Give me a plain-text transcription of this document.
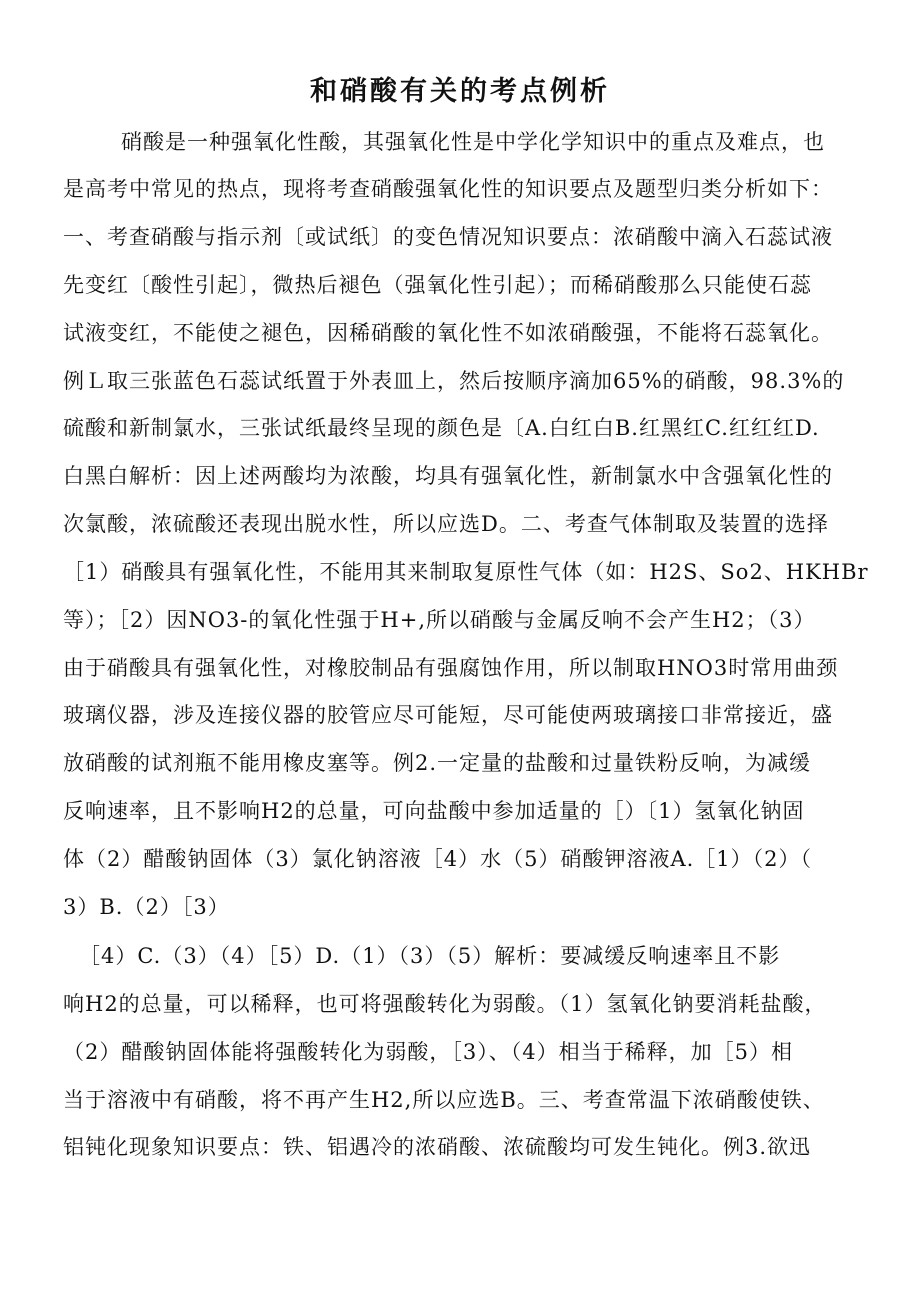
和硝酸有关的考点例析
硝酸是一种强氧化性酸，其强氧化性是中学化学知识中的重点及难点，也
是高考中常见的热点，现将考查硝酸强氧化性的知识要点及题型归类分析如下：
一、考查硝酸与指示剂〔或试纸〕的变色情况知识要点：浓硝酸中滴入石蕊试液
先变红〔酸性引起〕，微热后褪色（强氧化性引起）；而稀硝酸那么只能使石蕊
试液变红，不能使之褪色，因稀硝酸的氧化性不如浓硝酸强，不能将石蕊氧化。
例Ｌ取三张蓝色石蕊试纸置于外表皿上，然后按顺序滴加65%的硝酸，98.3%的
硫酸和新制氯水，三张试纸最终呈现的颜色是〔A.白红白B.红黑红C.红红红D.
白黑白解析：因上述两酸均为浓酸，均具有强氧化性，新制氯水中含强氧化性的
次氯酸，浓硫酸还表现出脱水性，所以应选D。二、考查气体制取及装置的选择
［1）硝酸具有强氧化性，不能用其来制取复原性气体（如：H2S、So2、HKHBr
等）；［2）因NO3-的氧化性强于H+,所以硝酸与金属反响不会产生H2；（3）
由于硝酸具有强氧化性，对橡胶制品有强腐蚀作用，所以制取HNO3时常用曲颈
玻璃仪器，涉及连接仪器的胶管应尽可能短，尽可能使两玻璃接口非常接近，盛
放硝酸的试剂瓶不能用橡皮塞等。例2.一定量的盐酸和过量铁粉反响，为减缓
反响速率，且不影响H2的总量，可向盐酸中参加适量的［）〔1）氢氧化钠固
体（2）醋酸钠固体（3）氯化钠溶液［4）水（5）硝酸钾溶液A.［1）（2）（
3）B.（2）［3）
［4）C.（3）（4）［5）D.（1）（3）（5）解析：要减缓反响速率且不影
响H2的总量，可以稀释，也可将强酸转化为弱酸。（1）氢氧化钠要消耗盐酸，
（2）醋酸钠固体能将强酸转化为弱酸，［3）、（4）相当于稀释，加［5）相
当于溶液中有硝酸，将不再产生H2,所以应选B。三、考查常温下浓硝酸使铁、
铝钝化现象知识要点：铁、铝遇冷的浓硝酸、浓硫酸均可发生钝化。例3.欲迅
